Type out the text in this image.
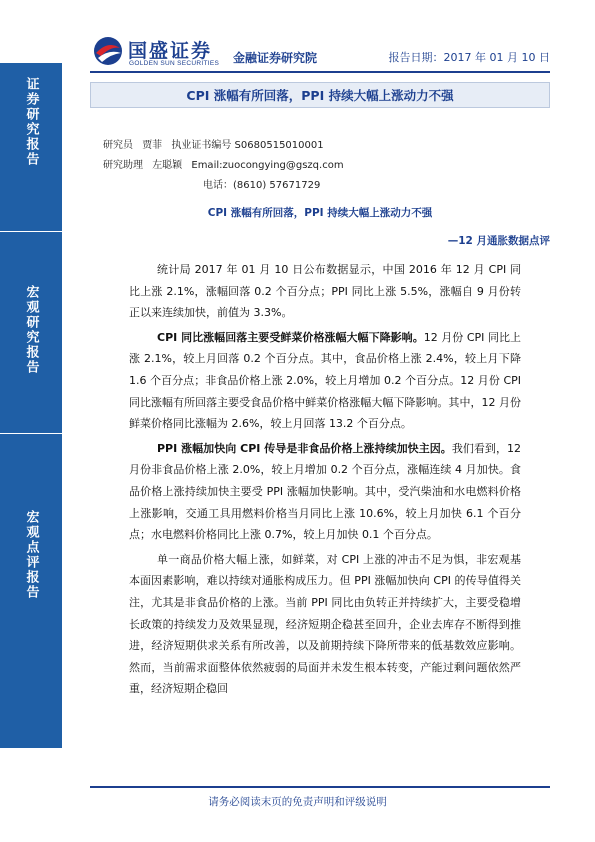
国盛证券
GOLDEN SUN SECURITIES 金融证券研究院	报告日期：2017 年 01 月 10 日
证券研究报告
宏观研究报告
宏观点评报告
CPI 涨幅有所回落，PPI 持续大幅上涨动力不强
研究员 贾菲 执业证书编号 S0680515010001
研究助理 左聪颖 Email:zuocongying@gszq.com
电话：(8610) 57671729
CPI 涨幅有所回落，PPI 持续大幅上涨动力不强
—12 月通胀数据点评

统计局 2017 年 01 月 10 日公布数据显示，中国 2016 年 12 月 CPI 同比上涨 2.1%，涨幅回落 0.2 个百分点；PPI 同比上涨 5.5%，涨幅自 9 月份转正以来连续加快，前值为 3.3%。

CPI 同比涨幅回落主要受鲜菜价格涨幅大幅下降影响。12 月份 CPI 同比上涨 2.1%，较上月回落 0.2 个百分点。其中，食品价格上涨 2.4%，较上月下降 1.6 个百分点；非食品价格上涨 2.0%，较上月增加 0.2 个百分点。12 月份 CPI 同比涨幅有所回落主要受食品价格中鲜菜价格涨幅大幅下降影响。其中，12 月份鲜菜价格同比涨幅为 2.6%，较上月回落 13.2 个百分点。

PPI 涨幅加快向 CPI 传导是非食品价格上涨持续加快主因。我们看到，12 月份非食品价格上涨 2.0%，较上月增加 0.2 个百分点，涨幅连续 4 月加快。食品价格上涨持续加快主要受 PPI 涨幅加快影响。其中，受汽柴油和水电燃料价格上涨影响，交通工具用燃料价格当月同比上涨 10.6%，较上月加快 6.1 个百分点；水电燃料价格同比上涨 0.7%，较上月加快 0.1 个百分点。

单一商品价格大幅上涨，如鲜菜，对 CPI 上涨的冲击不足为惧，非宏观基本面因素影响，难以持续对通胀构成压力。但 PPI 涨幅加快向 CPI 的传导值得关注，尤其是非食品价格的上涨。当前 PPI 同比由负转正并持续扩大，主要受稳增长政策的持续发力及效果显现，经济短期企稳甚至回升，企业去库存不断得到推进，经济短期供求关系有所改善，以及前期持续下降所带来的低基数效应影响。然而，当前需求面整体依然疲弱的局面并未发生根本转变，产能过剩问题依然严重，经济短期企稳回

请务必阅读末页的免责声明和评级说明
